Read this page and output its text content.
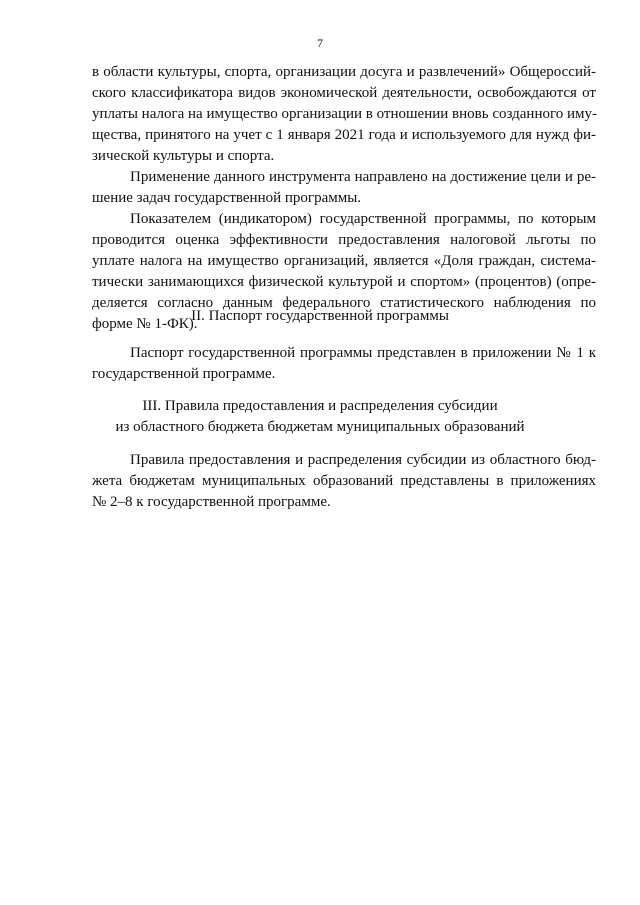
7
в области культуры, спорта, организации досуга и развлечений» Общероссий-
ского классификатора видов экономической деятельности, освобождаются от
уплаты налога на имущество организации в отношении вновь созданного иму-
щества, принятого на учет с 1 января 2021 года и используемого для нужд фи-
зической культуры и спорта.
Применение данного инструмента направлено на достижение цели и ре-
шение задач государственной программы.
Показателем (индикатором) государственной программы, по которым
проводится оценка эффективности предоставления налоговой льготы по
уплате налога на имущество организаций, является «Доля граждан, система-
тически занимающихся физической культурой и спортом» (процентов) (опре-
деляется согласно данным федерального статистического наблюдения по
форме № 1-ФК).
II. Паспорт государственной программы
Паспорт государственной программы представлен в приложении № 1 к
государственной программе.
III. Правила предоставления и распределения субсидии
из областного бюджета бюджетам муниципальных образований
Правила предоставления и распределения субсидии из областного бюд-
жета бюджетам муниципальных образований представлены в приложениях
№ 2–8 к государственной программе.
